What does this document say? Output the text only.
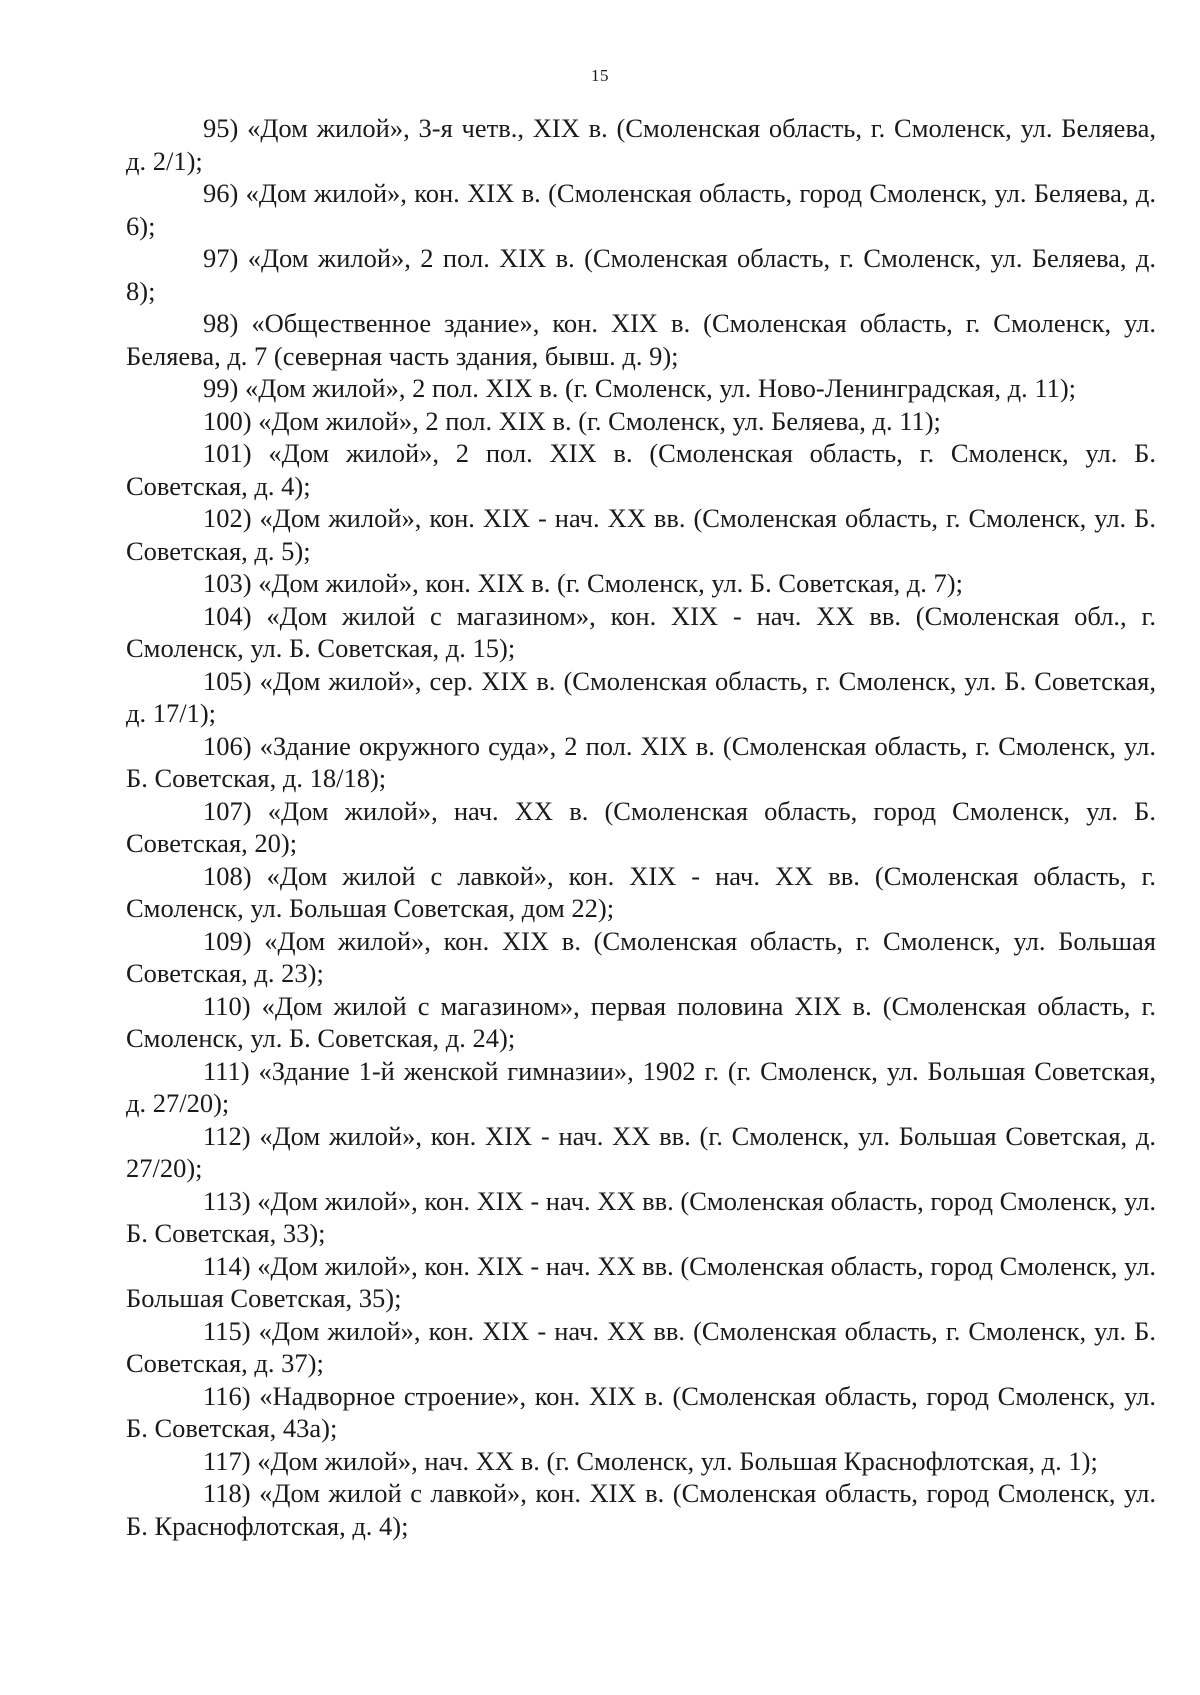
15

95) «Дом жилой», 3-я четв., XIX в. (Смоленская область, г. Смоленск, ул. Беляева, д. 2/1);

96) «Дом жилой», кон. XIX в. (Смоленская область, город Смоленск, ул. Беляева, д. 6);

97) «Дом жилой», 2 пол. XIX в. (Смоленская область, г. Смоленск, ул. Беляева, д. 8);

98) «Общественное здание», кон. XIX в. (Смоленская область, г. Смоленск, ул. Беляева, д. 7 (северная часть здания, бывш. д. 9);

99) «Дом жилой», 2 пол. XIX в. (г. Смоленск, ул. Ново-Ленинградская, д. 11);

100) «Дом жилой», 2 пол. XIX в. (г. Смоленск, ул. Беляева, д. 11);

101) «Дом жилой», 2 пол. XIX в. (Смоленская область, г. Смоленск, ул. Б. Советская, д. 4);

102) «Дом жилой», кон. XIX - нач. XX вв. (Смоленская область, г. Смоленск, ул. Б. Советская, д. 5);

103) «Дом жилой», кон. XIX в. (г. Смоленск, ул. Б. Советская, д. 7);

104) «Дом жилой с магазином», кон. XIX - нач. XX вв. (Смоленская обл., г. Смоленск, ул. Б. Советская, д. 15);

105) «Дом жилой», сер. XIX в. (Смоленская область, г. Смоленск, ул. Б. Советская, д. 17/1);

106) «Здание окружного суда», 2 пол. XIX в. (Смоленская область, г. Смоленск, ул. Б. Советская, д. 18/18);

107) «Дом жилой», нач. XX в. (Смоленская область, город Смоленск, ул. Б. Советская, 20);

108) «Дом жилой с лавкой», кон. XIX - нач. XX вв. (Смоленская область, г. Смоленск, ул. Большая Советская, дом 22);

109) «Дом жилой», кон. XIX в. (Смоленская область, г. Смоленск, ул. Большая Советская, д. 23);

110) «Дом жилой с магазином», первая половина XIX в. (Смоленская область, г. Смоленск, ул. Б. Советская, д. 24);

111) «Здание 1-й женской гимназии», 1902 г. (г. Смоленск, ул. Большая Советская, д. 27/20);

112) «Дом жилой», кон. XIX - нач. XX вв. (г. Смоленск, ул. Большая Советская, д. 27/20);

113) «Дом жилой», кон. XIX - нач. XX вв. (Смоленская область, город Смоленск, ул. Б. Советская, 33);

114) «Дом жилой», кон. XIX - нач. XX вв. (Смоленская область, город Смоленск, ул. Большая Советская, 35);

115) «Дом жилой», кон. XIX - нач. XX вв. (Смоленская область, г. Смоленск, ул. Б. Советская, д. 37);

116) «Надворное строение», кон. XIX в. (Смоленская область, город Смоленск, ул. Б. Советская, 43а);

117) «Дом жилой», нач. XX в. (г. Смоленск, ул. Большая Краснофлотская, д. 1);

118) «Дом жилой с лавкой», кон. XIX в. (Смоленская область, город Смоленск, ул. Б. Краснофлотская, д. 4);
